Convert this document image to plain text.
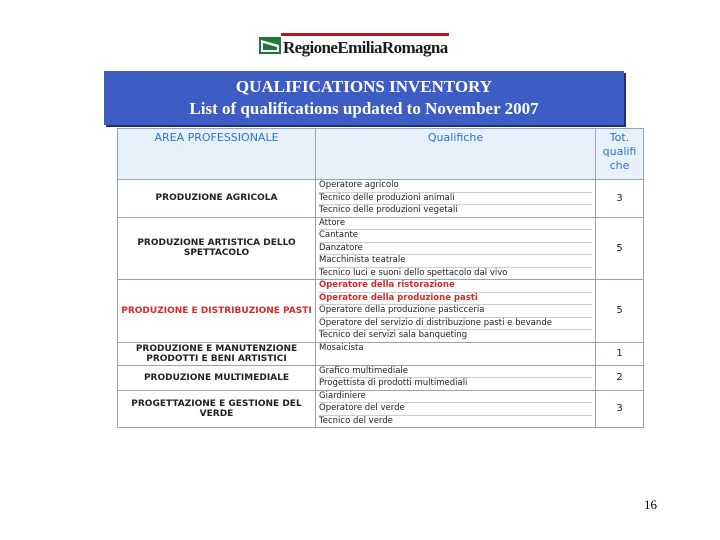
RegioneEmiliaRomagna
QUALIFICATIONS INVENTORY
List of qualifications updated to November 2007
AREA PROFESSIONALE	Qualifiche	Tot. qualifi che
PRODUZIONE AGRICOLA	Operatore agricolo
Tecnico delle produzioni animali
Tecnico delle produzioni vegetali	3
PRODUZIONE ARTISTICA DELLO SPETTACOLO	Attore
Cantante
Danzatore
Macchinista teatrale
Tecnico luci e suoni dello spettacolo dal vivo	5
PRODUZIONE E DISTRIBUZIONE PASTI	Operatore della ristorazione
Operatore della produzione pasti
Operatore della produzione pasticceria
Operatore del servizio di distribuzione pasti e bevande
Tecnico dei servizi sala banqueting	5
PRODUZIONE E MANUTENZIONE PRODOTTI E BENI ARTISTICI	Mosaicista	1
PRODUZIONE MULTIMEDIALE	Grafico multimediale
Progettista di prodotti multimediali	2
PROGETTAZIONE E GESTIONE DEL VERDE	Giardiniere
Operatore del verde
Tecnico del verde	3
16
